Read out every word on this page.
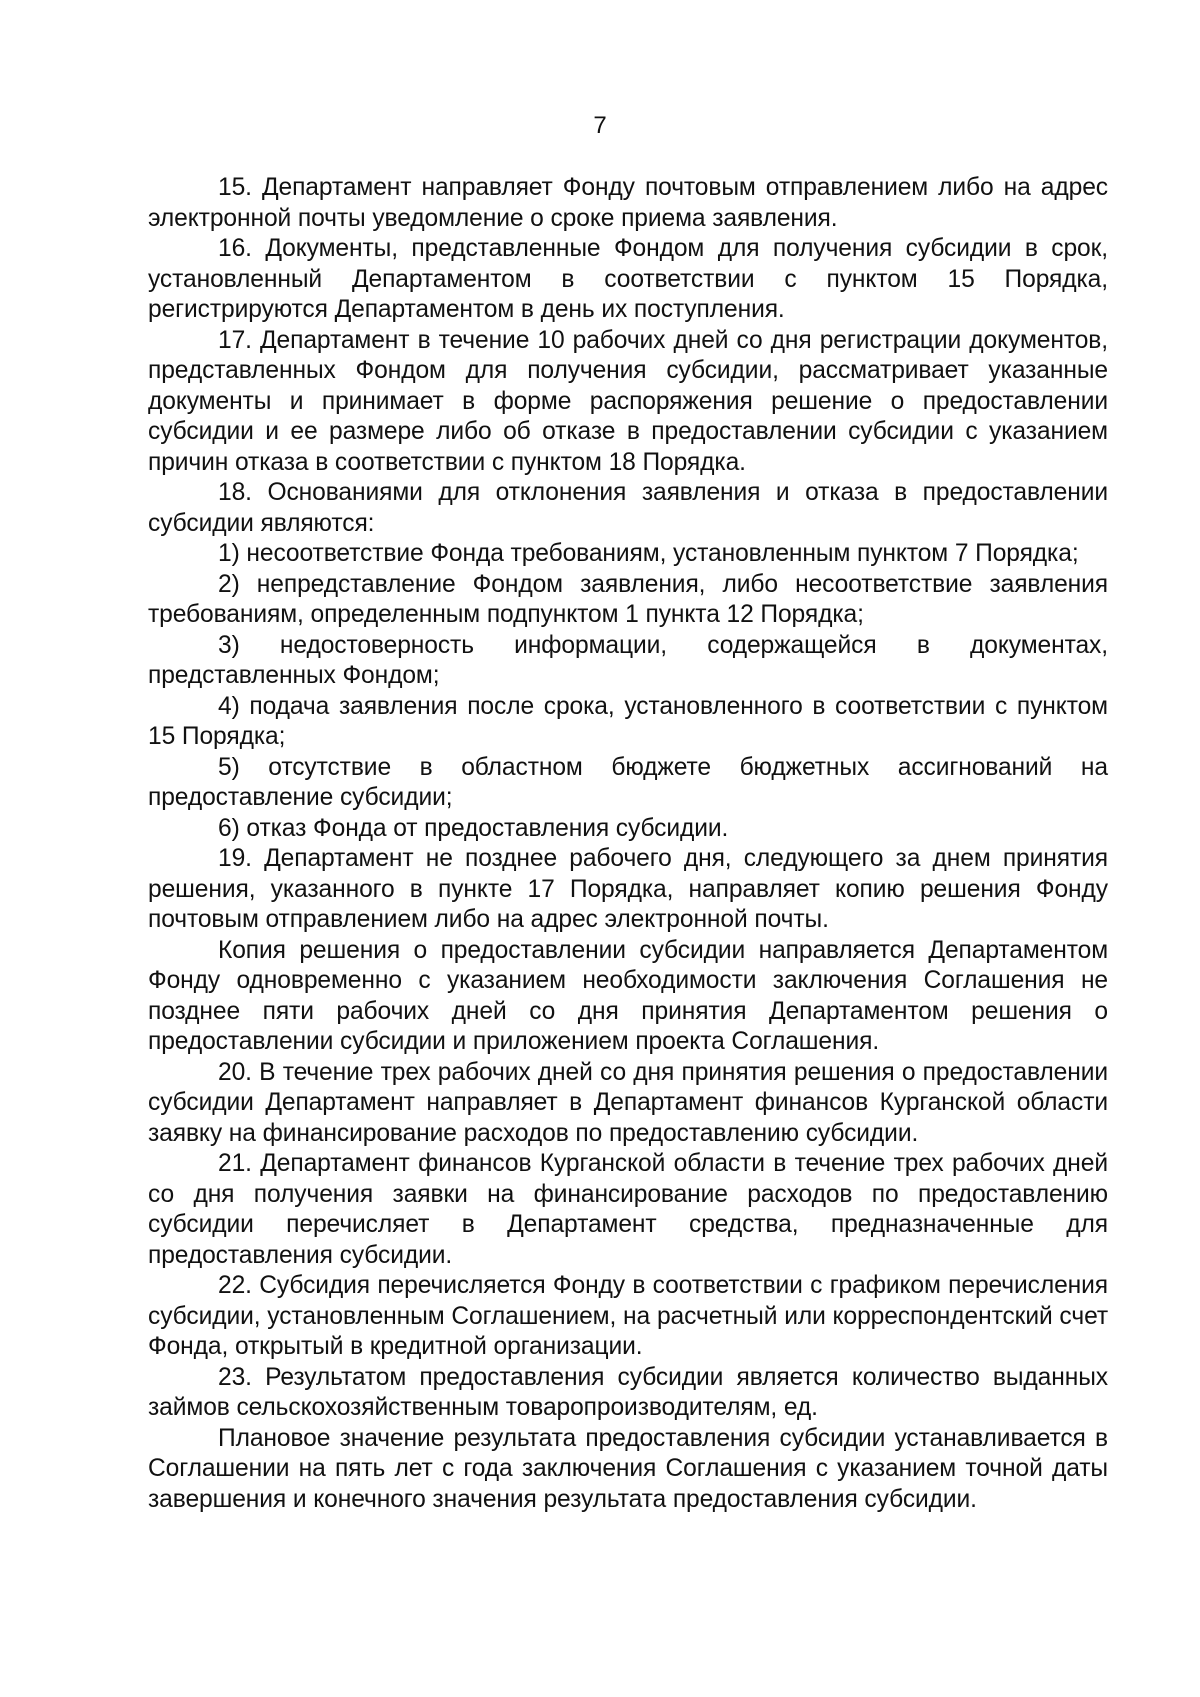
7

15. Департамент направляет Фонду почтовым отправлением либо на адрес электронной почты уведомление о сроке приема заявления.

16. Документы, представленные Фондом для получения субсидии в срок, установленный Департаментом в соответствии с пунктом 15 Порядка, регистрируются Департаментом в день их поступления.

17. Департамент в течение 10 рабочих дней со дня регистрации документов, представленных Фондом для получения субсидии, рассматривает указанные документы и принимает в форме распоряжения решение о предоставлении субсидии и ее размере либо об отказе в предоставлении субсидии с указанием причин отказа в соответствии с пунктом 18 Порядка.

18. Основаниями для отклонения заявления и отказа в предоставлении субсидии являются:

1) несоответствие Фонда требованиям, установленным пунктом 7 Порядка;

2) непредставление Фондом заявления, либо несоответствие заявления требованиям, определенным подпунктом 1 пункта 12 Порядка;

3) недостоверность информации, содержащейся в документах, представленных Фондом;

4) подача заявления после срока, установленного в соответствии с пунктом 15 Порядка;

5) отсутствие в областном бюджете бюджетных ассигнований на предоставление субсидии;

6) отказ Фонда от предоставления субсидии.

19. Департамент не позднее рабочего дня, следующего за днем принятия решения, указанного в пункте 17 Порядка, направляет копию решения Фонду почтовым отправлением либо на адрес электронной почты.

Копия решения о предоставлении субсидии направляется Департаментом Фонду одновременно с указанием необходимости заключения Соглашения не позднее пяти рабочих дней со дня принятия Департаментом решения о предоставлении субсидии и приложением проекта Соглашения.

20. В течение трех рабочих дней со дня принятия решения о предоставлении субсидии Департамент направляет в Департамент финансов Курганской области заявку на финансирование расходов по предоставлению субсидии.

21. Департамент финансов Курганской области в течение трех рабочих дней со дня получения заявки на финансирование расходов по предоставлению субсидии перечисляет в Департамент средства, предназначенные для предоставления субсидии.

22. Субсидия перечисляется Фонду в соответствии с графиком перечисления субсидии, установленным Соглашением, на расчетный или корреспондентский счет Фонда, открытый в кредитной организации.

23. Результатом предоставления субсидии является количество выданных займов сельскохозяйственным товаропроизводителям, ед.

Плановое значение результата предоставления субсидии устанавливается в Соглашении на пять лет с года заключения Соглашения с указанием точной даты завершения и конечного значения результата предоставления субсидии.
